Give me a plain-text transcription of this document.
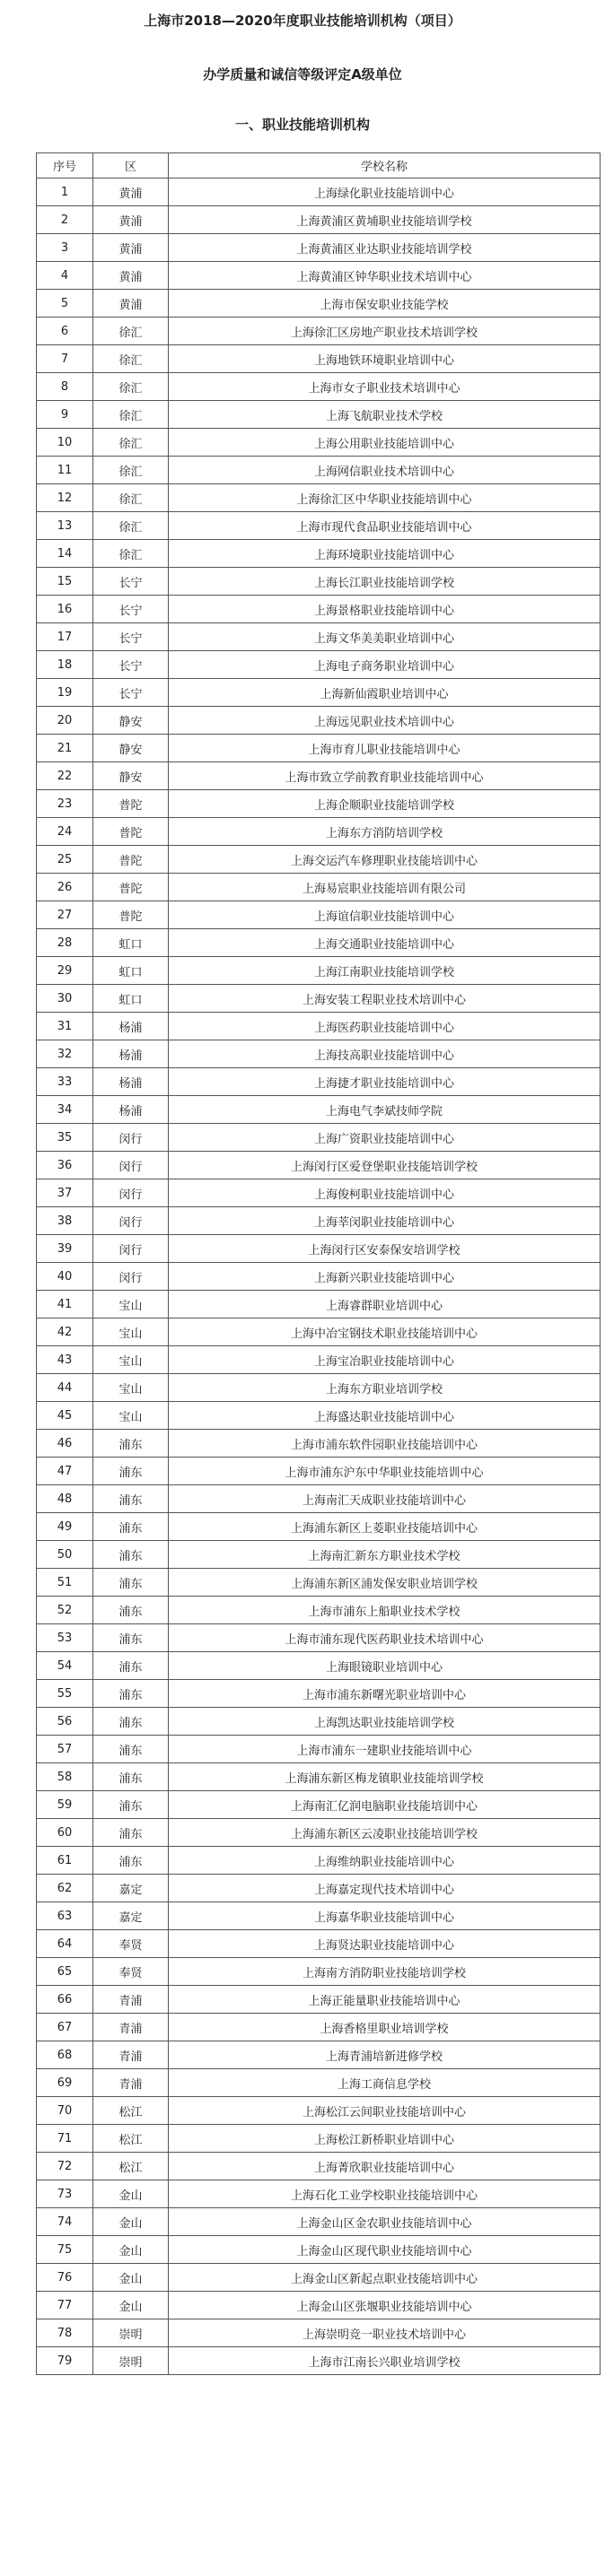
上海市2018—2020年度职业技能培训机构（项目）
办学质量和诚信等级评定A级单位
一、职业技能培训机构
序号	区	学校名称
1	黄浦	上海绿化职业技能培训中心
2	黄浦	上海黄浦区黄埔职业技能培训学校
3	黄浦	上海黄浦区业达职业技能培训学校
4	黄浦	上海黄浦区钟华职业技术培训中心
5	黄浦	上海市保安职业技能学校
6	徐汇	上海徐汇区房地产职业技术培训学校
7	徐汇	上海地铁环境职业培训中心
8	徐汇	上海市女子职业技术培训中心
9	徐汇	上海飞航职业技术学校
10	徐汇	上海公用职业技能培训中心
11	徐汇	上海网信职业技术培训中心
12	徐汇	上海徐汇区中华职业技能培训中心
13	徐汇	上海市现代食品职业技能培训中心
14	徐汇	上海环境职业技能培训中心
15	长宁	上海长江职业技能培训学校
16	长宁	上海景格职业技能培训中心
17	长宁	上海文华美美职业培训中心
18	长宁	上海电子商务职业培训中心
19	长宁	上海新仙霞职业培训中心
20	静安	上海远见职业技术培训中心
21	静安	上海市育儿职业技能培训中心
22	静安	上海市致立学前教育职业技能培训中心
23	普陀	上海企顺职业技能培训学校
24	普陀	上海东方消防培训学校
25	普陀	上海交运汽车修理职业技能培训中心
26	普陀	上海易宸职业技能培训有限公司
27	普陀	上海谊信职业技能培训中心
28	虹口	上海交通职业技能培训中心
29	虹口	上海江南职业技能培训学校
30	虹口	上海安装工程职业技术培训中心
31	杨浦	上海医药职业技能培训中心
32	杨浦	上海技高职业技能培训中心
33	杨浦	上海捷才职业技能培训中心
34	杨浦	上海电气李斌技师学院
35	闵行	上海广资职业技能培训中心
36	闵行	上海闵行区爱登堡职业技能培训学校
37	闵行	上海俊柯职业技能培训中心
38	闵行	上海莘闵职业技能培训中心
39	闵行	上海闵行区安泰保安培训学校
40	闵行	上海新兴职业技能培训中心
41	宝山	上海睿群职业培训中心
42	宝山	上海中冶宝钢技术职业技能培训中心
43	宝山	上海宝冶职业技能培训中心
44	宝山	上海东方职业培训学校
45	宝山	上海盛达职业技能培训中心
46	浦东	上海市浦东软件园职业技能培训中心
47	浦东	上海市浦东沪东中华职业技能培训中心
48	浦东	上海南汇天成职业技能培训中心
49	浦东	上海浦东新区上菱职业技能培训中心
50	浦东	上海南汇新东方职业技术学校
51	浦东	上海浦东新区浦发保安职业培训学校
52	浦东	上海市浦东上船职业技术学校
53	浦东	上海市浦东现代医药职业技术培训中心
54	浦东	上海眼镜职业培训中心
55	浦东	上海市浦东新曙光职业培训中心
56	浦东	上海凯达职业技能培训学校
57	浦东	上海市浦东一建职业技能培训中心
58	浦东	上海浦东新区梅龙镇职业技能培训学校
59	浦东	上海南汇亿润电脑职业技能培训中心
60	浦东	上海浦东新区云凌职业技能培训学校
61	浦东	上海维纳职业技能培训中心
62	嘉定	上海嘉定现代技术培训中心
63	嘉定	上海嘉华职业技能培训中心
64	奉贤	上海贤达职业技能培训中心
65	奉贤	上海南方消防职业技能培训学校
66	青浦	上海正能量职业技能培训中心
67	青浦	上海香格里职业培训学校
68	青浦	上海青浦培新进修学校
69	青浦	上海工商信息学校
70	松江	上海松江云间职业技能培训中心
71	松江	上海松江新桥职业培训中心
72	松江	上海菁欣职业技能培训中心
73	金山	上海石化工业学校职业技能培训中心
74	金山	上海金山区金农职业技能培训中心
75	金山	上海金山区现代职业技能培训中心
76	金山	上海金山区新起点职业技能培训中心
77	金山	上海金山区张堰职业技能培训中心
78	崇明	上海崇明竞一职业技术培训中心
79	崇明	上海市江南长兴职业培训学校
